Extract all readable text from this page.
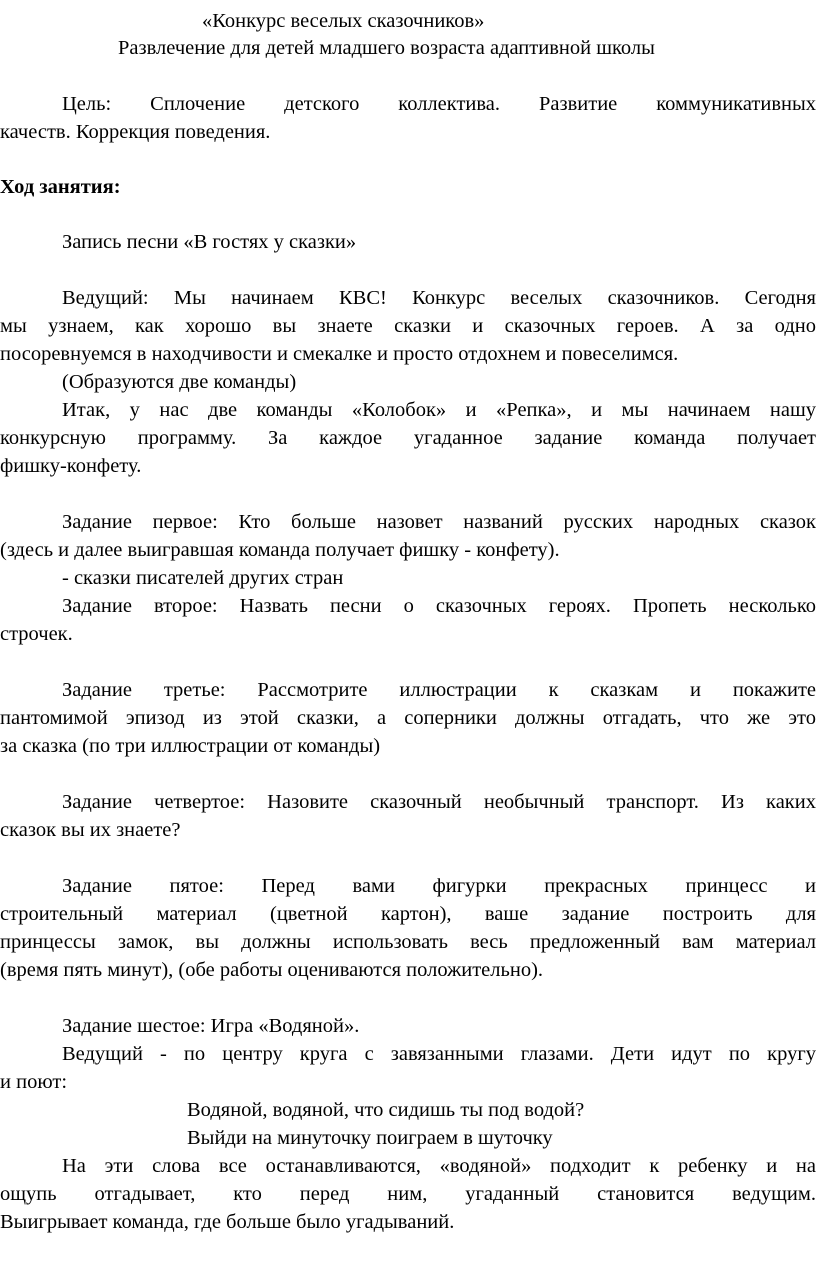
«Конкурс веселых сказочников»
Развлечение для детей младшего возраста адаптивной школы
Цель: Сплочение детского коллектива. Развитие коммуникативных
качеств. Коррекция поведения.
Ход занятия:
Запись песни «В гостях у сказки»
Ведущий: Мы начинаем КВС! Конкурс веселых сказочников. Сегодня
мы узнаем, как хорошо вы знаете сказки и сказочных героев. А за одно
посоревнуемся в находчивости и смекалке и просто отдохнем и повеселимся.
(Образуются две команды)
Итак, у нас две команды «Колобок» и «Репка», и мы начинаем нашу
конкурсную программу. За каждое угаданное задание команда получает
фишку-конфету.
Задание первое: Кто больше назовет названий русских народных сказок
(здесь и далее выигравшая команда получает фишку - конфету).
- сказки писателей других стран
Задание второе: Назвать песни о сказочных героях. Пропеть несколько
строчек.
Задание третье: Рассмотрите иллюстрации к сказкам и покажите
пантомимой эпизод из этой сказки, а соперники должны отгадать, что же это
за сказка (по три иллюстрации от команды)
Задание четвертое: Назовите сказочный необычный транспорт. Из каких
сказок вы их знаете?
Задание пятое: Перед вами фигурки прекрасных принцесс и
строительный материал (цветной картон), ваше задание построить для
принцессы замок, вы должны использовать весь предложенный вам материал
(время пять минут), (обе работы оцениваются положительно).
Задание шестое: Игра «Водяной».
Ведущий - по центру круга с завязанными глазами. Дети идут по кругу
и поют:
Водяной, водяной, что сидишь ты под водой?
Выйди на минуточку поиграем в шуточку
На эти слова все останавливаются, «водяной» подходит к ребенку и на
ощупь отгадывает, кто перед ним, угаданный становится ведущим.
Выигрывает команда, где больше было угадываний.
